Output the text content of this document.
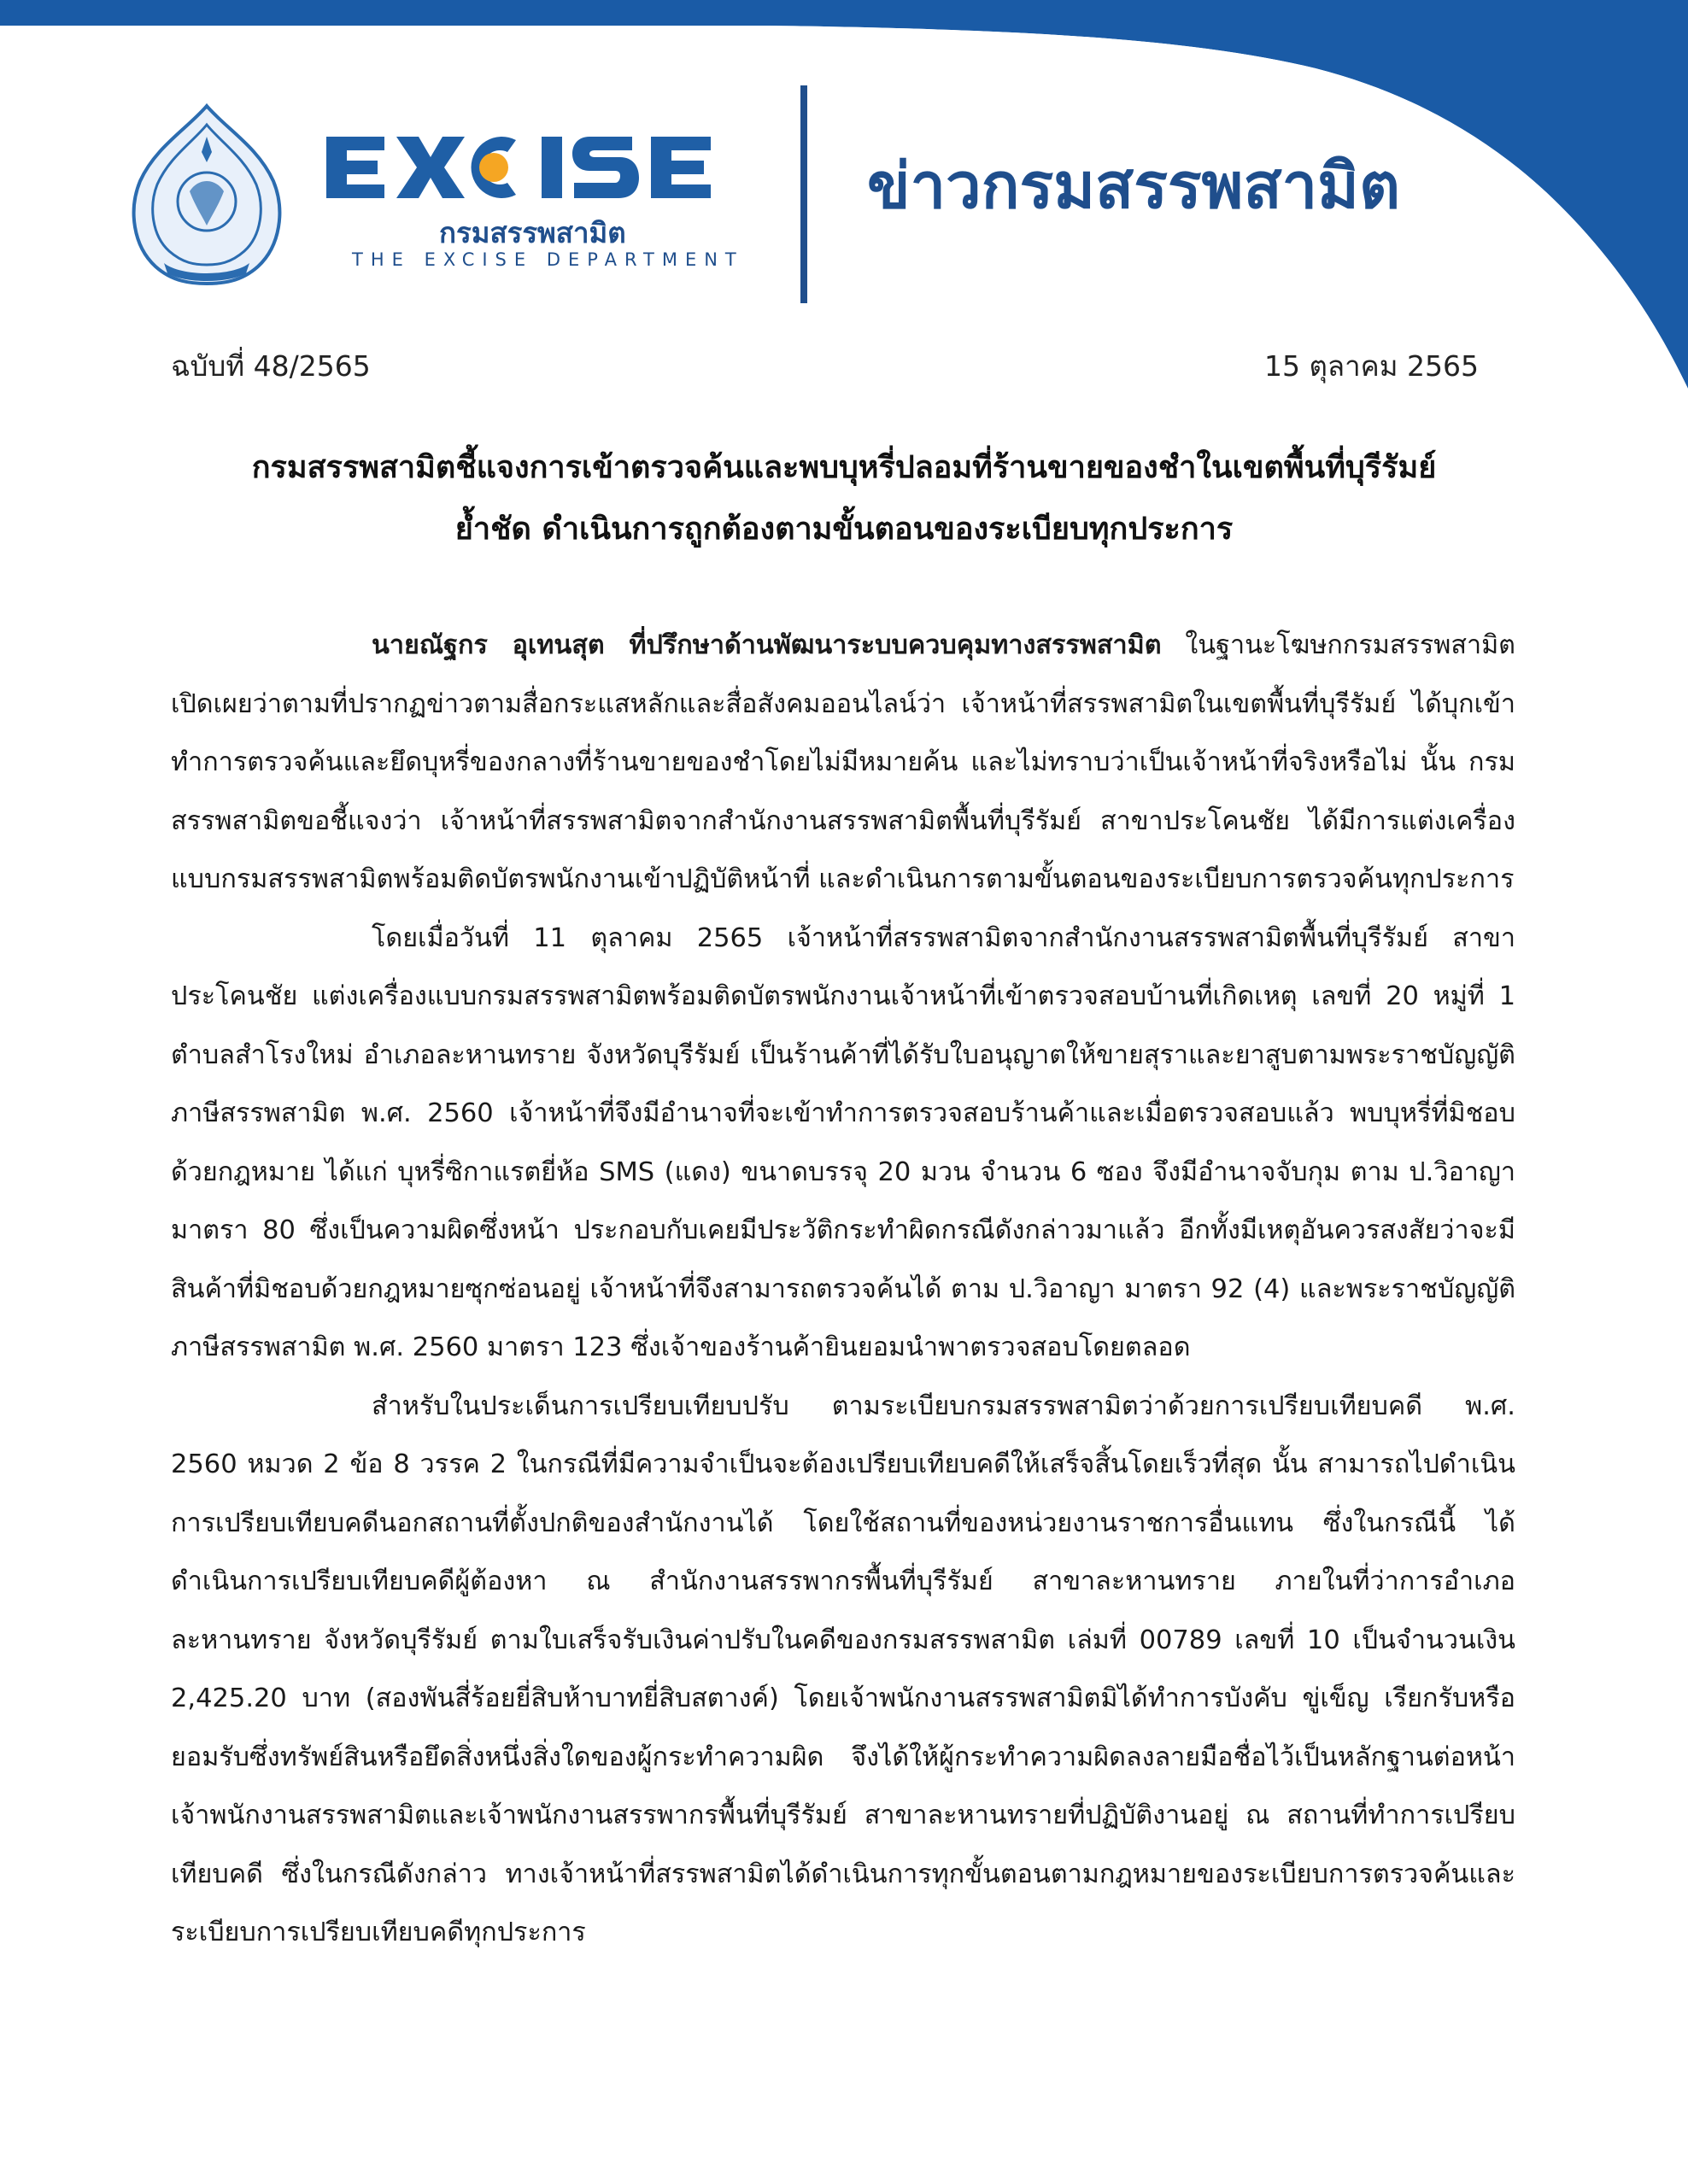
กรมสรรพสามิต
THE EXCISE DEPARTMENT
ข่าวกรมสรรพสามิต
ฉบับที่ 48/2565	15 ตุลาคม 2565
กรมสรรพสามิตชี้แจงการเข้าตรวจค้นและพบบุหรี่ปลอมที่ร้านขายของชำในเขตพื้นที่บุรีรัมย์
ย้ำชัด ดำเนินการถูกต้องตามขั้นตอนของระเบียบทุกประการ

นายณัฐกร อุเทนสุต ที่ปรึกษาด้านพัฒนาระบบควบคุมทางสรรพสามิต ในฐานะโฆษกกรมสรรพสามิต เปิดเผยว่าตามที่ปรากฏข่าวตามสื่อกระแสหลักและสื่อสังคมออนไลน์ว่า เจ้าหน้าที่สรรพสามิตในเขตพื้นที่บุรีรัมย์ ได้บุกเข้าทำการตรวจค้นและยึดบุหรี่ของกลางที่ร้านขายของชำโดยไม่มีหมายค้น และไม่ทราบว่าเป็นเจ้าหน้าที่จริงหรือไม่ นั้น กรมสรรพสามิตขอชี้แจงว่า เจ้าหน้าที่สรรพสามิตจากสำนักงานสรรพสามิตพื้นที่บุรีรัมย์ สาขาประโคนชัย ได้มีการแต่งเครื่องแบบกรมสรรพสามิตพร้อมติดบัตรพนักงานเข้าปฏิบัติหน้าที่ และดำเนินการตามขั้นตอนของระเบียบการตรวจค้นทุกประการ

โดยเมื่อวันที่ 11 ตุลาคม 2565 เจ้าหน้าที่สรรพสามิตจากสำนักงานสรรพสามิตพื้นที่บุรีรัมย์ สาขาประโคนชัย แต่งเครื่องแบบกรมสรรพสามิตพร้อมติดบัตรพนักงานเจ้าหน้าที่เข้าตรวจสอบบ้านที่เกิดเหตุ เลขที่ 20 หมู่ที่ 1 ตำบลสำโรงใหม่ อำเภอละหานทราย จังหวัดบุรีรัมย์ เป็นร้านค้าที่ได้รับใบอนุญาตให้ขายสุราและยาสูบตามพระราชบัญญัติภาษีสรรพสามิต พ.ศ. 2560 เจ้าหน้าที่จึงมีอำนาจที่จะเข้าทำการตรวจสอบร้านค้าและเมื่อตรวจสอบแล้ว พบบุหรี่ที่มิชอบด้วยกฎหมาย ได้แก่ บุหรี่ซิกาแรตยี่ห้อ SMS (แดง) ขนาดบรรจุ 20 มวน จำนวน 6 ซอง จึงมีอำนาจจับกุม ตาม ป.วิอาญา มาตรา 80 ซึ่งเป็นความผิดซึ่งหน้า ประกอบกับเคยมีประวัติกระทำผิดกรณีดังกล่าวมาแล้ว อีกทั้งมีเหตุอันควรสงสัยว่าจะมีสินค้าที่มิชอบด้วยกฎหมายซุกซ่อนอยู่ เจ้าหน้าที่จึงสามารถตรวจค้นได้ ตาม ป.วิอาญา มาตรา 92 (4) และพระราชบัญญัติภาษีสรรพสามิต พ.ศ. 2560 มาตรา 123 ซึ่งเจ้าของร้านค้ายินยอมนำพาตรวจสอบโดยตลอด

สำหรับในประเด็นการเปรียบเทียบปรับ ตามระเบียบกรมสรรพสามิตว่าด้วยการเปรียบเทียบคดี พ.ศ. 2560 หมวด 2 ข้อ 8 วรรค 2 ในกรณีที่มีความจำเป็นจะต้องเปรียบเทียบคดีให้เสร็จสิ้นโดยเร็วที่สุด นั้น สามารถไปดำเนินการเปรียบเทียบคดีนอกสถานที่ตั้งปกติของสำนักงานได้ โดยใช้สถานที่ของหน่วยงานราชการอื่นแทน ซึ่งในกรณีนี้ ได้ดำเนินการเปรียบเทียบคดีผู้ต้องหา ณ สำนักงานสรรพากรพื้นที่บุรีรัมย์ สาขาละหานทราย ภายในที่ว่าการอำเภอละหานทราย จังหวัดบุรีรัมย์ ตามใบเสร็จรับเงินค่าปรับในคดีของกรมสรรพสามิต เล่มที่ 00789 เลขที่ 10 เป็นจำนวนเงิน 2,425.20 บาท (สองพันสี่ร้อยยี่สิบห้าบาทยี่สิบสตางค์) โดยเจ้าพนักงานสรรพสามิตมิได้ทำการบังคับ ขู่เข็ญ เรียกรับหรือยอมรับซึ่งทรัพย์สินหรือยึดสิ่งหนึ่งสิ่งใดของผู้กระทำความผิด จึงได้ให้ผู้กระทำความผิดลงลายมือชื่อไว้เป็นหลักฐานต่อหน้าเจ้าพนักงานสรรพสามิตและเจ้าพนักงานสรรพากรพื้นที่บุรีรัมย์ สาขาละหานทรายที่ปฏิบัติงานอยู่ ณ สถานที่ทำการเปรียบเทียบคดี ซึ่งในกรณีดังกล่าว ทางเจ้าหน้าที่สรรพสามิตได้ดำเนินการทุกขั้นตอนตามกฎหมายของระเบียบการตรวจค้นและระเบียบการเปรียบเทียบคดีทุกประการ
